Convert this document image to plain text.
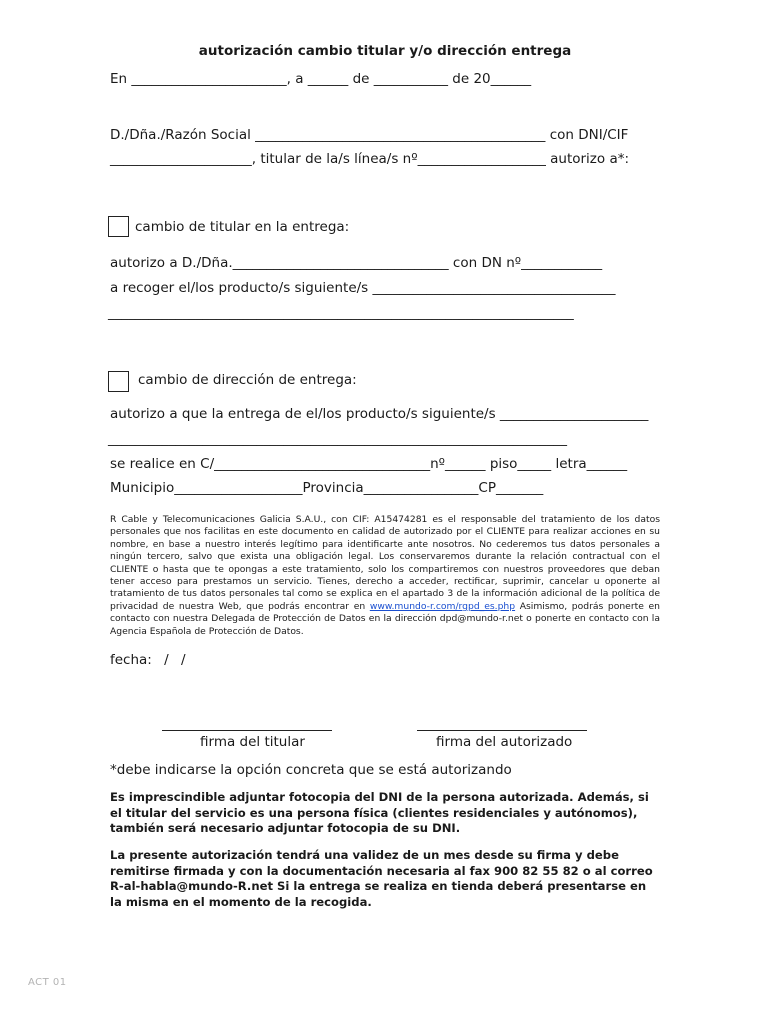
autorización cambio titular y/o dirección entrega
En _______________________, a ______ de ___________ de 20______
D./Dña./Razón Social ___________________________________________ con DNI/CIF
_____________________, titular de la/s línea/s nº___________________ autorizo a*:
cambio de titular en la entrega:
autorizo a D./Dña.________________________________ con DN nº____________
a recoger el/los producto/s siguiente/s ____________________________________
_____________________________________________________________________
cambio de dirección de entrega:
autorizo a que la entrega de el/los producto/s siguiente/s ______________________
____________________________________________________________________
se realice en C/________________________________nº______ piso_____ letra______
Municipio___________________Provincia_________________CP_______
R Cable y Telecomunicaciones Galicia S.A.U., con CIF: A15474281 es el responsable del tratamiento de los datos personales que nos facilitas en este documento en calidad de autorizado por el CLIENTE para realizar acciones en su nombre, en base a nuestro interés legítimo para identificarte ante nosotros. No cederemos tus datos personales a ningún tercero, salvo que exista una obligación legal. Los conservaremos durante la relación contractual con el CLIENTE o hasta que te opongas a este tratamiento, solo los compartiremos con nuestros proveedores que deban tener acceso para prestamos un servicio. Tienes, derecho a acceder, rectificar, suprimir, cancelar u oponerte al tratamiento de tus datos personales tal como se explica en el apartado 3 de la información adicional de la política de privacidad de nuestra Web, que podrás encontrar en www.mundo-r.com/rgpd_es.php Asimismo, podrás ponerte en contacto con nuestra Delegada de Protección de Datos en la dirección dpd@mundo-r.net o ponerte en contacto con la Agencia Española de Protección de Datos.
fecha: / /
firma del titular	firma del autorizado
*debe indicarse la opción concreta que se está autorizando
Es imprescindible adjuntar fotocopia del DNI de la persona autorizada. Además, si el titular del servicio es una persona física (clientes residenciales y autónomos), también será necesario adjuntar fotocopia de su DNI.
La presente autorización tendrá una validez de un mes desde su firma y debe remitirse firmada y con la documentación necesaria al fax 900 82 55 82 o al correo R-al-habla@mundo-R.net Si la entrega se realiza en tienda deberá presentarse en la misma en el momento de la recogida.
ACT 01
